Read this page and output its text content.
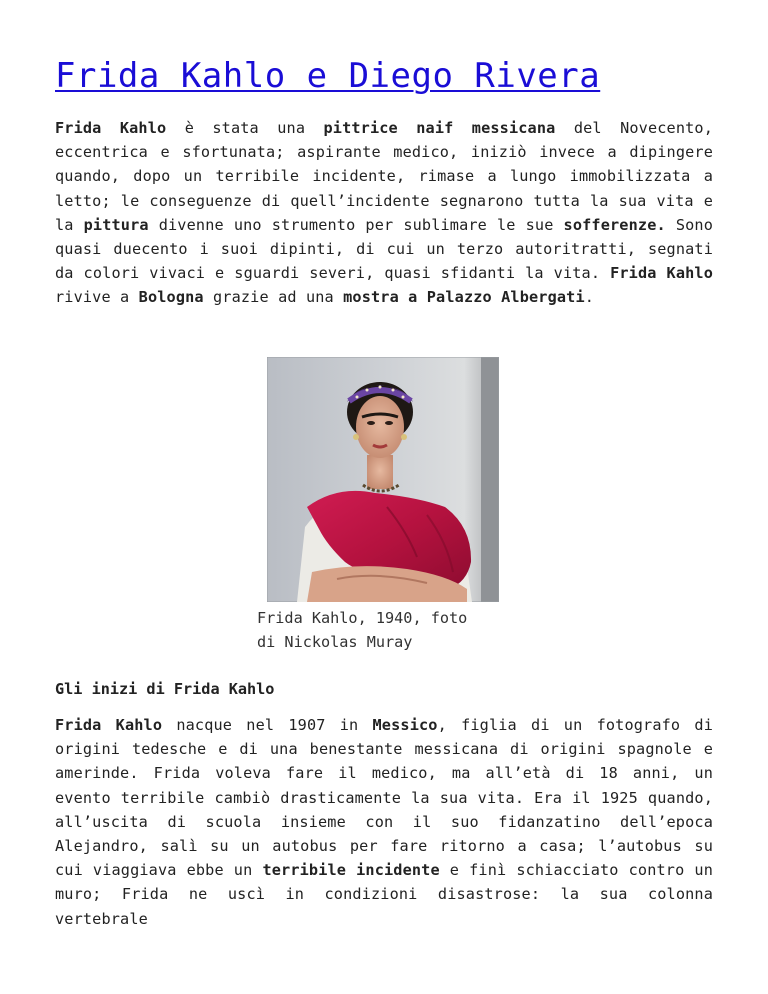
Frida Kahlo e Diego Rivera

Frida Kahlo è stata una pittrice naif messicana del Novecento, eccentrica e sfortunata; aspirante medico, iniziò invece a dipingere quando, dopo un terribile incidente, rimase a lungo immobilizzata a letto; le conseguenze di quell’incidente segnarono tutta la sua vita e la pittura divenne uno strumento per sublimare le sue sofferenze. Sono quasi duecento i suoi dipinti, di cui un terzo autoritratti, segnati da colori vivaci e sguardi severi, quasi sfidanti la vita. Frida Kahlo rivive a Bologna grazie ad una mostra a Palazzo Albergati.

Frida Kahlo, 1940, foto
di Nickolas Muray

Gli inizi di Frida Kahlo

Frida Kahlo nacque nel 1907 in Messico, figlia di un fotografo di origini tedesche e di una benestante messicana di origini spagnole e amerinde. Frida voleva fare il medico, ma all’età di 18 anni, un evento terribile cambiò drasticamente la sua vita. Era il 1925 quando, all’uscita di scuola insieme con il suo fidanzatino dell’epoca Alejandro, salì su un autobus per fare ritorno a casa; l’autobus su cui viaggiava ebbe un terribile incidente e finì schiacciato contro un muro; Frida ne uscì in condizioni disastrose: la sua colonna vertebrale
